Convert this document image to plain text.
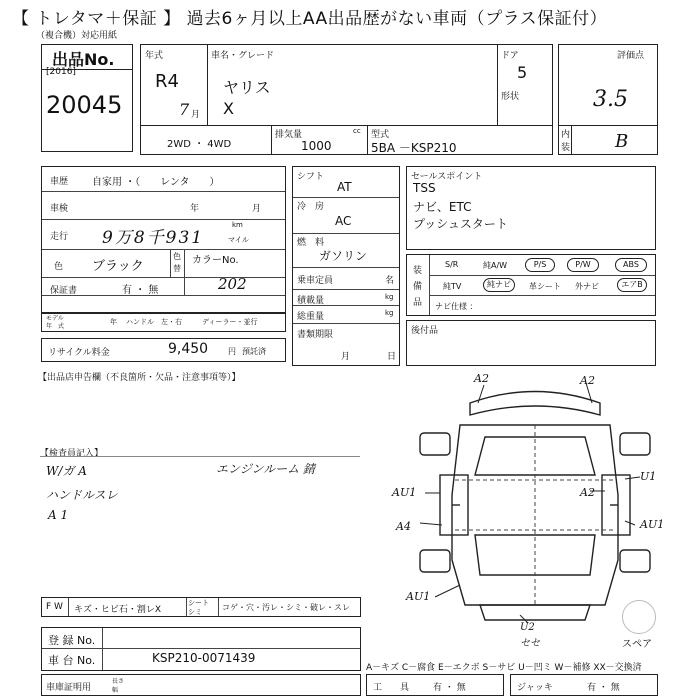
【 トレタマ＋保証 】 過去6ヶ月以上AA出品歴がない車両（プラス保証付）
（複合機）対応用紙
出品No.
[2016]
20045
年式
R4
7 月
車名・グレード
ヤリス
X
ドア
5
形状
2WD ・ 4WD
排気量	cc
1000
型式
5BA －KSP210
評価点
3.5
内
装 B
車歴 自家用 ・（　　レンタ　　）
車検	年	月
走行 9万8千931
km
マイル
色 ブラック
色
替
カラーNo.
202
保証書	有 ・ 無
モデル
年　式
年 ハンドル　左・右	ディーラー・並行
リサイクル料金	9,450 円 預託済
シフト
AT
冷　房
AC
燃　料
ガソリン
乗車定員	名
積載量	kg
総重量	kg
書類期限
月	日
セールスポイント
TSS
ナビ、ETC
プッシュスタート
装
備
品
S/R	純A/W	P/S	P/W	ABS
純TV	純ナビ	革シート 外ナビ	エアB
ナビ仕様 ：
後付品
【出品店申告欄（不良箇所・欠品・注意事項等）】
【検査員記入】
W/ガ A
ハンドルスレ
A 1
エンジンルーム 錆
A2	A2
U1
AU1	A2
A4	AU1
AU1
U2
セセ	スペア
F W キズ・ヒビ石・割レX
シート
シミ	コゲ・穴・汚レ・シミ・破レ・スレ
登 録 No.
車 台 No.	KSP210-0071439
車庫証明用
長さ
幅
A－キズ C－腐食 E－エクボ S－サビ U－凹ミ W－補修 XX－交換済
工　　具	有 ・ 無	ジャッキ	有 ・ 無
